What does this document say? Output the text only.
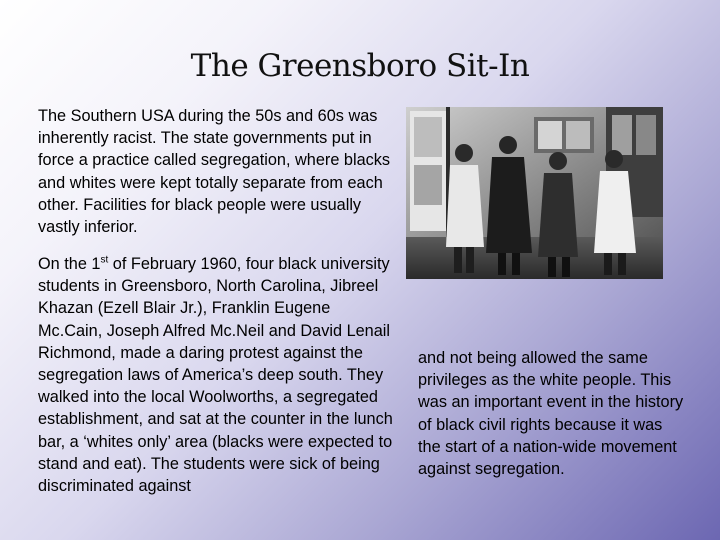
The Greensboro Sit-In

The Southern USA during the 50s and 60s was inherently racist. The state governments put in force a practice called segregation, where blacks and whites were kept totally separate from each other. Facilities for black people were usually vastly inferior.

On the 1st of February 1960, four black university students in Greensboro, North Carolina, Jibreel Khazan (Ezell Blair Jr.), Franklin Eugene Mc.Cain, Joseph Alfred Mc.Neil and David Lenail Richmond, made a daring protest against the segregation laws of America’s deep south. They walked into the local Woolworths, a segregated establishment, and sat at the counter in the lunch bar, a ‘whites only’ area (blacks were expected to stand and eat). The students were sick of being discriminated against

and not being allowed the same privileges as the white people. This was an important event in the history of black civil rights because it was the start of a nation-wide movement against segregation.
